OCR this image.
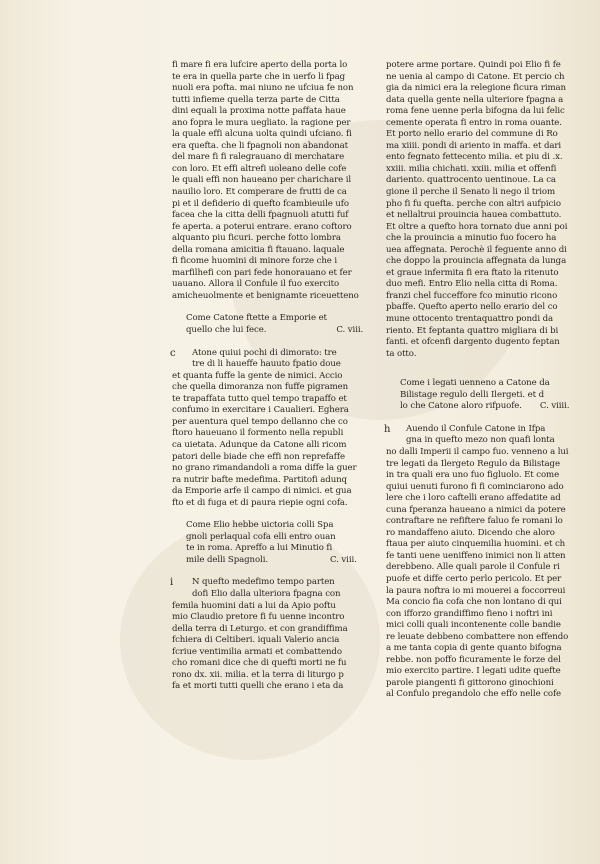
fi mare fi era lufcire aperto della porta lo
te era in quella parte che in uerfo li fpag
nuoli era pofta. mai niuno ne ufciua fe non
tutti infieme quella terza parte de Citta
dini equali la proxima notte paffata haue
ano fopra le mura uegliato. la ragione per
la quale effi alcuna uolta quindi ufciano. fi
era quefta. che li fpagnoli non abandonat
del mare fi fi ralegrauano di merchatare
con loro. Et effi altrefi uoleano delle cofe
le quali effi non haueano per charichare il
nauilio loro. Et comperare de frutti de ca
pi et il defiderio di quefto fcambieuile ufo
facea che la citta delli fpagnuoli atutti fuf
fe aperta. a poterui entrare. erano coftoro
alquanto piu ficuri. perche fotto lombra
della romana amicitia fi ftauano. laquale
fi ficome huomini di minore forze che i
marfilhefi con pari fede honorauano et fer
uauano. Allora il Confule il fuo exercito
amicheuolmente et benignamte riceuetteno
Come Catone ftette a Emporie et
quello che lui fece.	C. viii.
c	Atone quiui pochi di dimorato: tre
tre di li haueffe hauuto fpatio doue
et quanta fuffe la gente de nimici. Accio
che quella dimoranza non fuffe pigramen
te trapaffata tutto quel tempo trapaffo et
confumo in exercitare i Caualieri. Eghera
per auentura quel tempo dellanno che co
ftoro haueuano il formento nella republi
ca uietata. Adunque da Catone alli ricom
patori delle biade che effi non reprefaffe
no grano rimandandoli a roma diffe la guer
ra nutrir bafte medefima. Partitofi adunq
da Emporie arfe il campo di nimici. et gua
fto et di fuga et di paura riepie ogni cofa.
Come Elio hebbe uictoria colli Spa
gnoli perlaqual cofa elli entro ouan
te in roma. Apreffo a lui Minutio fi
mile delli Spagnoli.	C. viii.
i	N quefto medefimo tempo parten
dofi Elio dalla ulteriora fpagna con
femila huomini dati a lui da Apio poftu
mio Claudio pretore fi fu uenne incontro
della terra di Leturgo. et con grandiffima
fchiera di Celtiberi. iquali Valerio ancia
fcriue ventimilia armati et combattendo
cho romani dice che di quefti morti ne fu
rono dx. xii. milia. et la terra di liturgo p
fa et morti tutti quelli che erano i eta da
potere arme portare. Quindi poi Elio fi fe
ne uenia al campo di Catone. Et percio ch
gia da nimici era la relegione ficura riman
data quella gente nella ulteriore fpagna a
roma fene uenne perla bifogna da lui felic
cemente operata fi entro in roma ouante.
Et porto nello erario del commune di Ro
ma xiiii. pondi di ariento in maffa. et dari
ento fegnato fettecento milia. et piu di .x.
xxiii. milia chichati. xxiii. milia et offenfi
dariento. quattrocento uentinoue. La ca
gione il perche il Senato li nego il triom
pho fi fu quefta. perche con altri aufpicio
et nellaltrui prouincia hauea combattuto.
Et oltre a quefto hora tornato due anni poi
che la prouincia a minutio fuo focero ha
uea affegnata. Perochè il feguente anno di
che doppo la prouincia affegnata da lunga
et graue infermita fi era ftato la ritenuto
duo mefi. Entro Elio nella citta di Roma.
franzi chel fucceffore fco minutio ricono
pbaffe. Quefto aperto nello erario del co
mune ottocento trentaquattro pondi da
riento. Et feptanta quattro migliara di bi
fanti. et ofcenfi dargento dugento feptan
ta otto.
Come i legati uenneno a Catone da
Bilistage regulo delli Ilergeti. et d
lo che Catone aloro rifpuofe. C. viiii.
h	Auendo il Confule Catone in Ifpa
gna in quefto mezo non quafi lonta
no dalli Imperii il campo fuo. venneno a lui
tre legati da Ilergeto Regulo da Bilistage
in tra quali era uno fuo figluolo. Et come
quiui uenuti furono fi fi cominciarono ado
lere che i loro caftelli erano affedatite ad
cuna fperanza haueano a nimici da potere
contraftare ne refiftere faluo fe romani lo
ro mandaffeno aiuto. Dicendo che aloro
ftaua per aiuto cinquemilia huomini. et ch
fe tanti uene ueniffeno inimici non li atten
derebbeno. Alle quali parole il Confule ri
puofe et diffe certo perlo pericolo. Et per
la paura noftra io mi mouerei a foccorreui
Ma concio fia cofa che non lontano di qui
con ifforzo grandiffimo fieno i noftri ini
mici colli quali incontenente colle bandie
re leuate debbeno combattere non effendo
a me tanta copia di gente quanto bifogna
rebbe. non poffo ficuramente le forze del
mio exercito partire. I legati udite quefte
parole piangenti fi gittorono ginochioni
al Confulo pregandolo che effo nelle cofe
